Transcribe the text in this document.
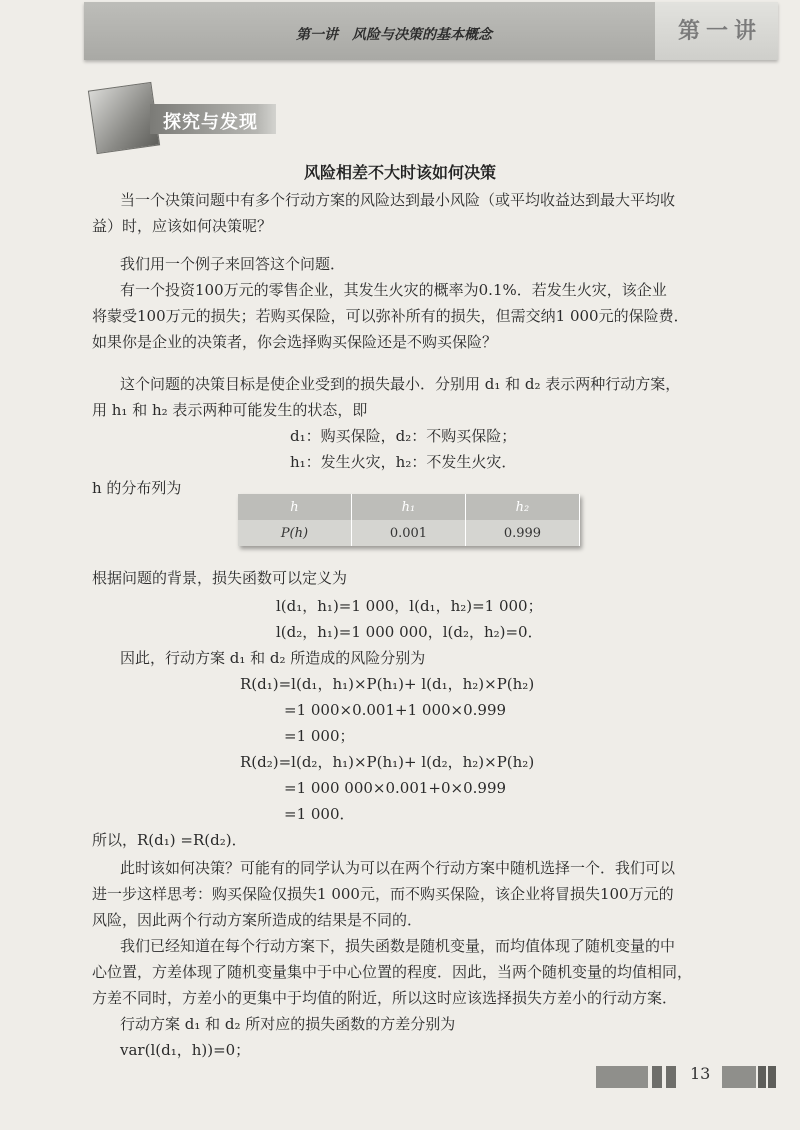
第一讲　风险与决策的基本概念	第一讲
探究与发现
风险相差不大时该如何决策
当一个决策问题中有多个行动方案的风险达到最小风险（或平均收益达到最大平均收
益）时，应该如何决策呢？
我们用一个例子来回答这个问题．
有一个投资100万元的零售企业，其发生火灾的概率为0.1%．若发生火灾，该企业
将蒙受100万元的损失；若购买保险，可以弥补所有的损失，但需交纳1 000元的保险费．
如果你是企业的决策者，你会选择购买保险还是不购买保险？
这个问题的决策目标是使企业受到的损失最小．分别用 d₁ 和 d₂ 表示两种行动方案，
用 h₁ 和 h₂ 表示两种可能发生的状态，即
d₁：购买保险，d₂：不购买保险；
h₁：发生火灾，h₂：不发生火灾．
h 的分布列为
h	h₁	h₂
P(h)	0.001	0.999
根据问题的背景，损失函数可以定义为
l(d₁，h₁)=1 000，l(d₁，h₂)=1 000；
l(d₂，h₁)=1 000 000，l(d₂，h₂)=0．
因此，行动方案 d₁ 和 d₂ 所造成的风险分别为
R(d₁)=l(d₁，h₁)×P(h₁)+ l(d₁，h₂)×P(h₂)
=1 000×0.001+1 000×0.999
=1 000；
R(d₂)=l(d₂，h₁)×P(h₁)+ l(d₂，h₂)×P(h₂)
=1 000 000×0.001+0×0.999
=1 000．
所以，R(d₁) =R(d₂)．
此时该如何决策？可能有的同学认为可以在两个行动方案中随机选择一个．我们可以
进一步这样思考：购买保险仅损失1 000元，而不购买保险，该企业将冒损失100万元的
风险，因此两个行动方案所造成的结果是不同的．
我们已经知道在每个行动方案下，损失函数是随机变量，而均值体现了随机变量的中
心位置，方差体现了随机变量集中于中心位置的程度．因此，当两个随机变量的均值相同，
方差不同时，方差小的更集中于均值的附近，所以这时应该选择损失方差小的行动方案．
行动方案 d₁ 和 d₂ 所对应的损失函数的方差分别为
var(l(d₁，h))=0；
13
